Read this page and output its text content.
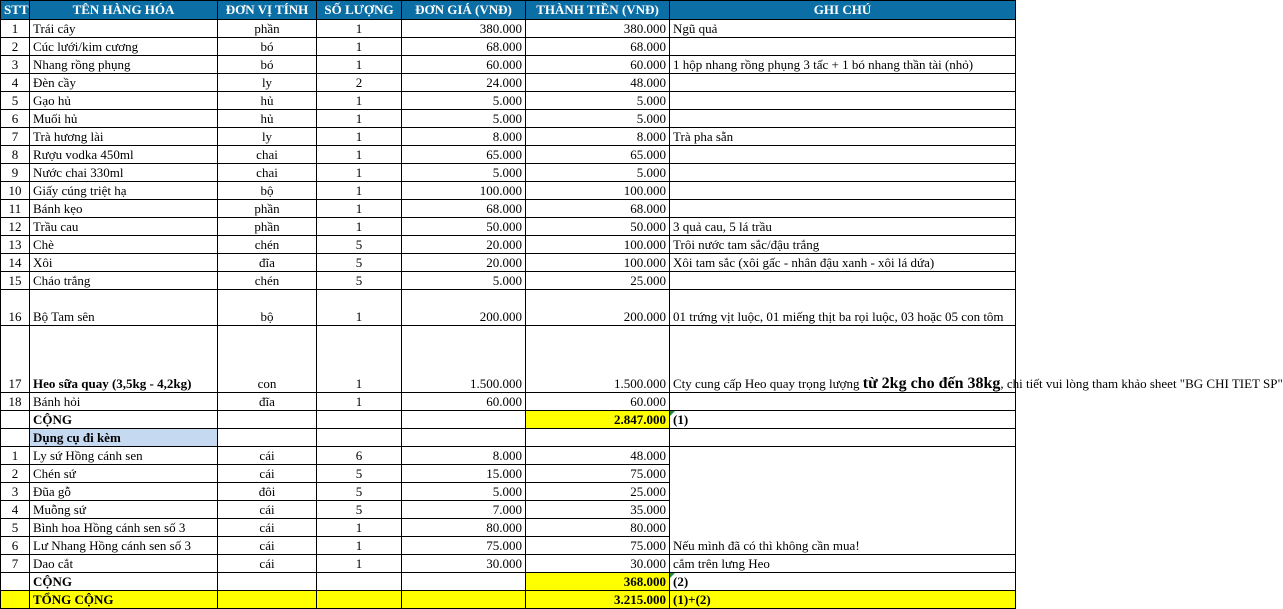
STT	TÊN HÀNG HÓA	ĐƠN VỊ TÍNH	SỐ LƯỢNG	ĐƠN GIÁ (VNĐ)	THÀNH TIỀN (VNĐ)	GHI CHÚ
1	Trái cây	phần	1	380.000	380.000	Ngũ quả
2	Cúc lưới/kim cương	bó	1	68.000	68.000	
3	Nhang rồng phụng	bó	1	60.000	60.000	1 hộp nhang rồng phụng 3 tấc + 1 bó nhang thần tài (nhỏ)
4	Đèn cầy	ly	2	24.000	48.000	
5	Gạo hủ	hủ	1	5.000	5.000	
6	Muối hủ	hủ	1	5.000	5.000	
7	Trà hương lài	ly	1	8.000	8.000	Trà pha sẵn
8	Rượu vodka 450ml	chai	1	65.000	65.000	
9	Nước chai 330ml	chai	1	5.000	5.000	
10	Giấy cúng triệt hạ	bộ	1	100.000	100.000	
11	Bánh kẹo	phần	1	68.000	68.000	
12	Trầu cau	phần	1	50.000	50.000	3 quả cau, 5 lá trầu
13	Chè	chén	5	20.000	100.000	Trôi nước tam sắc/đậu trắng
14	Xôi	đĩa	5	20.000	100.000	Xôi tam sắc (xôi gấc - nhân đậu xanh - xôi lá dứa)
15	Cháo trắng	chén	5	5.000	25.000	
16	Bộ Tam sên	bộ	1	200.000	200.000	01 trứng vịt luộc, 01 miếng thịt ba rọi luộc, 03 hoặc 05 con tôm
17	Heo sữa quay (3,5kg - 4,2kg)	con	1	1.500.000	1.500.000	Cty cung cấp Heo quay trọng lượng từ 2kg cho đến 38kg, chi tiết vui lòng tham khảo sheet "BG CHI TIET SP"
18	Bánh hỏi	đĩa	1	60.000	60.000	
	CỘNG				2.847.000	(1)
	Dụng cụ đi kèm					
1	Ly sứ Hồng cánh sen	cái	6	8.000	48.000	Nếu mình đã có thì không cần mua!
2	Chén sứ	cái	5	15.000	75.000	
3	Đũa gỗ	đôi	5	5.000	25.000	
4	Muỗng sứ	cái	5	7.000	35.000	
5	Bình hoa Hồng cánh sen số 3	cái	1	80.000	80.000	
6	Lư Nhang Hồng cánh sen số 3	cái	1	75.000	75.000	
7	Dao cắt	cái	1	30.000	30.000	cắm trên lưng Heo
	CỘNG				368.000	(2)
	TỔNG CỘNG				3.215.000	(1)+(2)
